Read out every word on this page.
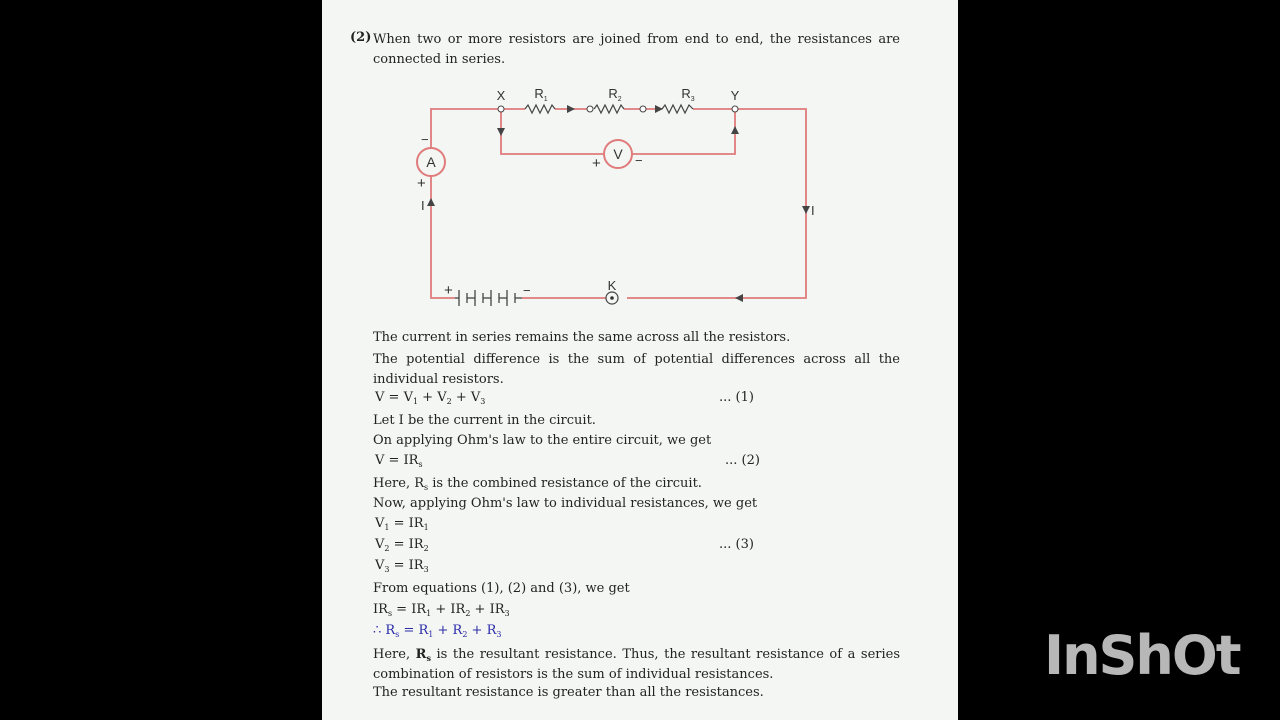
(2) When two or more resistors are joined from end to end, the resistances are connected in series.
A	V
X	Y
K
$R_1$	$R_2$	$R_3$
−
+
I	I
+	−
+	−
The current in series remains the same across all the resistors.
The potential difference is the sum of potential differences across all the individual resistors.
$V = V_1 + V_2 + V_3$	... (1)
Let I be the current in the circuit.
On applying Ohm's law to the entire circuit, we get
$V = IR_s$	... (2)
Here, $R_s$ is the combined resistance of the circuit.
Now, applying Ohm's law to individual resistances, we get
$V_1 = IR_1$
$V_2 = IR_2$
$V_3 = IR_3$
... (3)
From equations (1), (2) and (3), we get
$IR_s = IR_1 + IR_2 + IR_3$
∴ $R_s = R_1 + R_2 + R_3$
Here, $R_s$ is the resultant resistance. Thus, the resultant resistance of a series combination of resistors is the sum of individual resistances.
The resultant resistance is greater than all the resistances.
InShOt
